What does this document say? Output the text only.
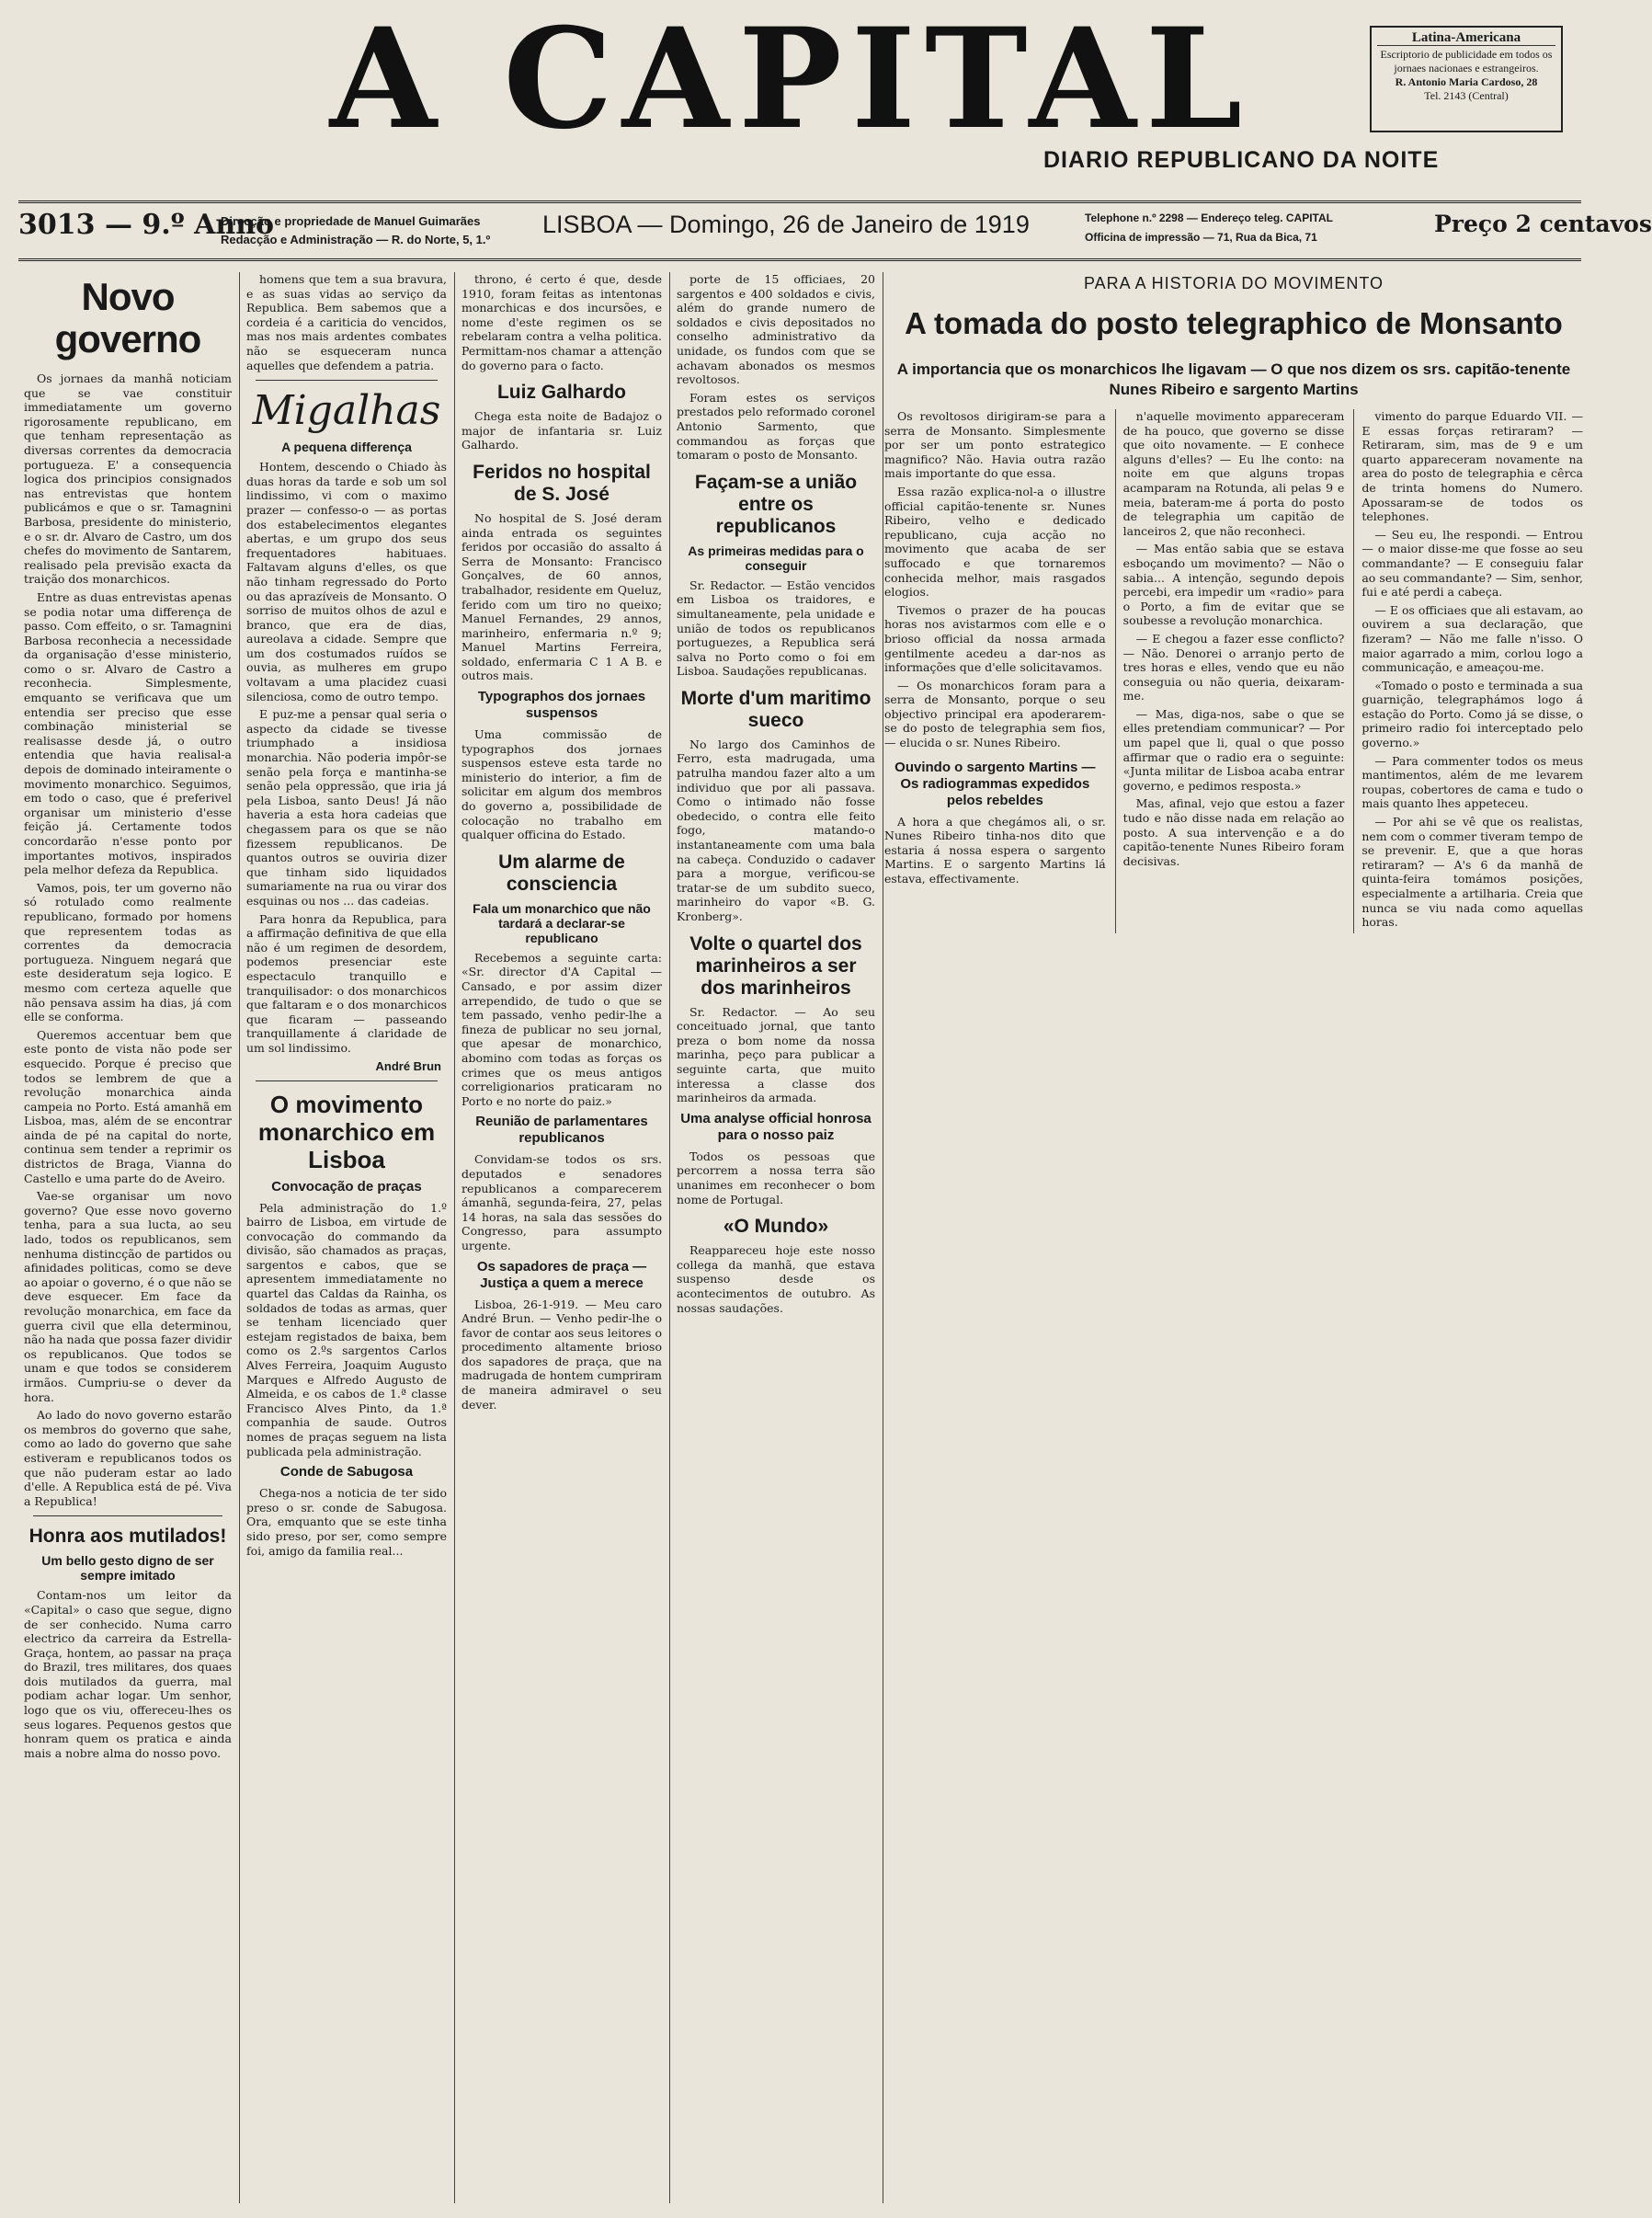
A CAPITAL
DIARIO REPUBLICANO DA NOITE
Latina-Americana
Escriptorio de publicidade em todos os jornaes nacionaes e estrangeiros.
R. Antonio Maria Cardoso, 28
Tel. 2143 (Central)
3013 — 9.º Anno
Direcção e propriedade de Manuel Guimarães
Redacção e Administração — R. do Norte, 5, 1.º
LISBOA — Domingo, 26 de Janeiro de 1919	Telephone n.º 2298 — Endereço teleg. CAPITAL
Officina de impressão — 71, Rua da Bica, 71	Preço 2 centavos
Novo governo

Os jornaes da manhã noticiam que se vae constituir immediatamente um governo rigorosamente republicano, em que tenham representação as diversas correntes da democracia portugueza. E' a consequencia logica dos principios consignados nas entrevistas que hontem publicámos e que o sr. Tamagnini Barbosa, presidente do ministerio, e o sr. dr. Alvaro de Castro, um dos chefes do movimento de Santarem, realisado pela previsão exacta da traição dos monarchicos.

Entre as duas entrevistas apenas se podia notar uma differença de passo. Com effeito, o sr. Tamagnini Barbosa reconhecia a necessidade da organisação d'esse ministerio, como o sr. Alvaro de Castro a reconhecia. Simplesmente, emquanto se verificava que um entendia ser preciso que esse combinação ministerial se realisasse desde já, o outro entendia que havia realisal-a depois de dominado inteiramente o movimento monarchico. Seguimos, em todo o caso, que é preferivel organisar um ministerio d'esse feição já. Certamente todos concordarão n'esse ponto por importantes motivos, inspirados pela melhor defeza da Republica.

Vamos, pois, ter um governo não só rotulado como realmente republicano, formado por homens que representem todas as correntes da democracia portugueza. Ninguem negará que este desideratum seja logico. E mesmo com certeza aquelle que não pensava assim ha dias, já com elle se conforma.

Queremos accentuar bem que este ponto de vista não pode ser esquecido. Porque é preciso que todos se lembrem de que a revolução monarchica ainda campeia no Porto. Está amanhã em Lisboa, mas, além de se encontrar ainda de pé na capital do norte, continua sem tender a reprimir os districtos de Braga, Vianna do Castello e uma parte do de Aveiro.

Vae-se organisar um novo governo? Que esse novo governo tenha, para a sua lucta, ao seu lado, todos os republicanos, sem nenhuma distincção de partidos ou afinidades politicas, como se deve ao apoiar o governo, é o que não se deve esquecer. Em face da revolução monarchica, em face da guerra civil que ella determinou, não ha nada que possa fazer dividir os republicanos. Que todos se unam e que todos se considerem irmãos. Cumpriu-se o dever da hora.

Ao lado do novo governo estarão os membros do governo que sahe, como ao lado do governo que sahe estiveram e republicanos todos os que não puderam estar ao lado d'elle. A Republica está de pé. Viva a Republica!

Honra aos mutilados!
Um bello gesto digno de ser sempre imitado

Contam-nos um leitor da «Capital» o caso que segue, digno de ser conhecido. Numa carro electrico da carreira da Estrella-Graça, hontem, ao passar na praça do Brazil, tres militares, dos quaes dois mutilados da guerra, mal podiam achar logar. Um senhor, logo que os viu, offereceu-lhes os seus logares. Pequenos gestos que honram quem os pratica e ainda mais a nobre alma do nosso povo.

homens que tem a sua bravura, e as suas vidas ao serviço da Republica. Bem sabemos que a cordeia é a cariticia do vencidos, mas nos mais ardentes combates não se esqueceram nunca aquelles que defendem a patria.

Migalhas
A pequena differença

Hontem, descendo o Chiado às duas horas da tarde e sob um sol lindissimo, vi com o maximo prazer — confesso-o — as portas dos estabelecimentos elegantes abertas, e um grupo dos seus frequentadores habituaes. Faltavam alguns d'elles, os que não tinham regressado do Porto ou das aprazíveis de Monsanto. O sorriso de muitos olhos de azul e branco, que era de dias, aureolava a cidade. Sempre que um dos costumados ruídos se ouvia, as mulheres em grupo voltavam a uma placidez cuasi silenciosa, como de outro tempo.

E puz-me a pensar qual seria o aspecto da cidade se tivesse triumphado a insidiosa monarchia. Não poderia impôr-se senão pela força e mantinha-se senão pela oppressão, que iria já pela Lisboa, santo Deus! Já não haveria a esta hora cadeias que chegassem para os que se não fizessem republicanos. De quantos outros se ouviria dizer que tinham sido liquidados sumariamente na rua ou virar dos esquinas ou nos ... das cadeias.

Para honra da Republica, para a affirmação definitiva de que ella não é um regimen de desordem, podemos presenciar este espectaculo tranquillo e tranquilisador: o dos monarchicos que faltaram e o dos monarchicos que ficaram — passeando tranquillamente á claridade de um sol lindissimo.

André Brun
O movimento monarchico em Lisboa
Convocação de praças

Pela administração do 1.º bairro de Lisboa, em virtude de convocação do commando da divisão, são chamados as praças, sargentos e cabos, que se apresentem immediatamente no quartel das Caldas da Rainha, os soldados de todas as armas, quer se tenham licenciado quer estejam registados de baixa, bem como os 2.ºs sargentos Carlos Alves Ferreira, Joaquim Augusto Marques e Alfredo Augusto de Almeida, e os cabos de 1.ª classe Francisco Alves Pinto, da 1.ª companhia de saude. Outros nomes de praças seguem na lista publicada pela administração.

Conde de Sabugosa

Chega-nos a noticia de ter sido preso o sr. conde de Sabugosa. Ora, emquanto que se este tinha sido preso, por ser, como sempre foi, amigo da familia real...

throno, é certo é que, desde 1910, foram feitas as intentonas monarchicas e dos incursões, e nome d'este regimen os se rebelaram contra a velha politica. Permittam-nos chamar a attenção do governo para o facto.

Luiz Galhardo

Chega esta noite de Badajoz o major de infantaria sr. Luiz Galhardo.

Feridos no hospital de S. José

No hospital de S. José deram ainda entrada os seguintes feridos por occasião do assalto á Serra de Monsanto: Francisco Gonçalves, de 60 annos, trabalhador, residente em Queluz, ferido com um tiro no queixo; Manuel Fernandes, 29 annos, marinheiro, enfermaria n.º 9; Manuel Martins Ferreira, soldado, enfermaria C 1 A B. e outros mais.

Typographos dos jornaes suspensos

Uma commissão de typographos dos jornaes suspensos esteve esta tarde no ministerio do interior, a fim de solicitar em algum dos membros do governo a, possibilidade de colocação no trabalho em qualquer officina do Estado.

Um alarme de consciencia
Fala um monarchico que não tardará a declarar-se republicano

Recebemos a seguinte carta: «Sr. director d'A Capital — Cansado, e por assim dizer arrependido, de tudo o que se tem passado, venho pedir-lhe a fineza de publicar no seu jornal, que apesar de monarchico, abomino com todas as forças os crimes que os meus antigos correligionarios praticaram no Porto e no norte do paiz.»

Reunião de parlamentares republicanos

Convidam-se todos os srs. deputados e senadores republicanos a comparecerem ámanhã, segunda-feira, 27, pelas 14 horas, na sala das sessões do Congresso, para assumpto urgente.

Os sapadores de praça — Justiça a quem a merece

Lisboa, 26-1-919. — Meu caro André Brun. — Venho pedir-lhe o favor de contar aos seus leitores o procedimento altamente brioso dos sapadores de praça, que na madrugada de hontem cumpriram de maneira admiravel o seu dever.

porte de 15 officiaes, 20 sargentos e 400 soldados e civis, além do grande numero de soldados e civis depositados no conselho administrativo da unidade, os fundos com que se achavam abonados os mesmos revoltosos.

Foram estes os serviços prestados pelo reformado coronel Antonio Sarmento, que commandou as forças que tomaram o posto de Monsanto.

Façam-se a união entre os republicanos
As primeiras medidas para o conseguir

Sr. Redactor. — Estão vencidos em Lisboa os traidores, e simultaneamente, pela unidade e união de todos os republicanos portuguezes, a Republica será salva no Porto como o foi em Lisboa. Saudações republicanas.

Morte d'um maritimo sueco

No largo dos Caminhos de Ferro, esta madrugada, uma patrulha mandou fazer alto a um individuo que por ali passava. Como o intimado não fosse obedecido, o contra elle feito fogo, matando-o instantaneamente com uma bala na cabeça. Conduzido o cadaver para a morgue, verificou-se tratar-se de um subdito sueco, marinheiro do vapor «B. G. Kronberg».

Volte o quartel dos marinheiros a ser dos marinheiros

Sr. Redactor. — Ao seu conceituado jornal, que tanto preza o bom nome da nossa marinha, peço para publicar a seguinte carta, que muito interessa a classe dos marinheiros da armada.

Uma analyse official honrosa para o nosso paiz

Todos os pessoas que percorrem a nossa terra são unanimes em reconhecer o bom nome de Portugal.

«O Mundo»

Reappareceu hoje este nosso collega da manhã, que estava suspenso desde os acontecimentos de outubro. As nossas saudações.

PARA A HISTORIA DO MOVIMENTO
A tomada do posto telegraphico de Monsanto
A importancia que os monarchicos lhe ligavam — O que nos dizem os srs. capitão-tenente Nunes Ribeiro e sargento Martins

Os revoltosos dirigiram-se para a serra de Monsanto. Simplesmente por ser um ponto estrategico magnifico? Não. Havia outra razão mais importante do que essa.

Essa razão explica-nol-a o illustre official capitão-tenente sr. Nunes Ribeiro, velho e dedicado republicano, cuja acção no movimento que acaba de ser suffocado e que tornaremos conhecida melhor, mais rasgados elogios.

Tivemos o prazer de ha poucas horas nos avistarmos com elle e o brioso official da nossa armada gentilmente acedeu a dar-nos as informações que d'elle solicitavamos.

— Os monarchicos foram para a serra de Monsanto, porque o seu objectivo principal era apoderarem-se do posto de telegraphia sem fios, — elucida o sr. Nunes Ribeiro.

Ouvindo o sargento Martins — Os radiogrammas expedidos pelos rebeldes

A hora a que chegámos ali, o sr. Nunes Ribeiro tinha-nos dito que estaria á nossa espera o sargento Martins. E o sargento Martins lá estava, effectivamente.

n'aquelle movimento appareceram de ha pouco, que governo se disse que oito novamente. — E conhece alguns d'elles? — Eu lhe conto: na noite em que alguns tropas acamparam na Rotunda, ali pelas 9 e meia, bateram-me á porta do posto de telegraphia um capitão de lanceiros 2, que não reconheci.

— Mas então sabia que se estava esboçando um movimento? — Não o sabia... A intenção, segundo depois percebi, era impedir um «radio» para o Porto, a fim de evitar que se soubesse a revolução monarchica.

— E chegou a fazer esse conflicto? — Não. Denorei o arranjo perto de tres horas e elles, vendo que eu não conseguia ou não queria, deixaram-me.

— Mas, diga-nos, sabe o que se elles pretendiam communicar? — Por um papel que li, qual o que posso affirmar que o radio era o seguinte: «Junta militar de Lisboa acaba entrar governo, e pedimos resposta.»

Mas, afinal, vejo que estou a fazer tudo e não disse nada em relação ao posto. A sua intervenção e a do capitão-tenente Nunes Ribeiro foram decisivas.

vimento do parque Eduardo VII. — E essas forças retiraram? — Retiraram, sim, mas de 9 e um quarto appareceram novamente na area do posto de telegraphia e cêrca de trinta homens do Numero. Apossaram-se de todos os telephones.

— Seu eu, lhe respondi. — Entrou — o maior disse-me que fosse ao seu commandante? — E conseguiu falar ao seu commandante? — Sim, senhor, fui e até perdi a cabeça.

— E os officiaes que ali estavam, ao ouvirem a sua declaração, que fizeram? — Não me falle n'isso. O maior agarrado a mim, corlou logo a communicação, e ameaçou-me.

«Tomado o posto e terminada a sua guarnição, telegraphámos logo á estação do Porto. Como já se disse, o primeiro radio foi interceptado pelo governo.»

— Para commenter todos os meus mantimentos, além de me levarem roupas, cobertores de cama e tudo o mais quanto lhes appeteceu.

— Por ahi se vê que os realistas, nem com o commer tiveram tempo de se prevenir. E, que a que horas retiraram? — A's 6 da manhã de quinta-feira tomámos posições, especialmente a artilharia. Creia que nunca se viu nada como aquellas horas.
